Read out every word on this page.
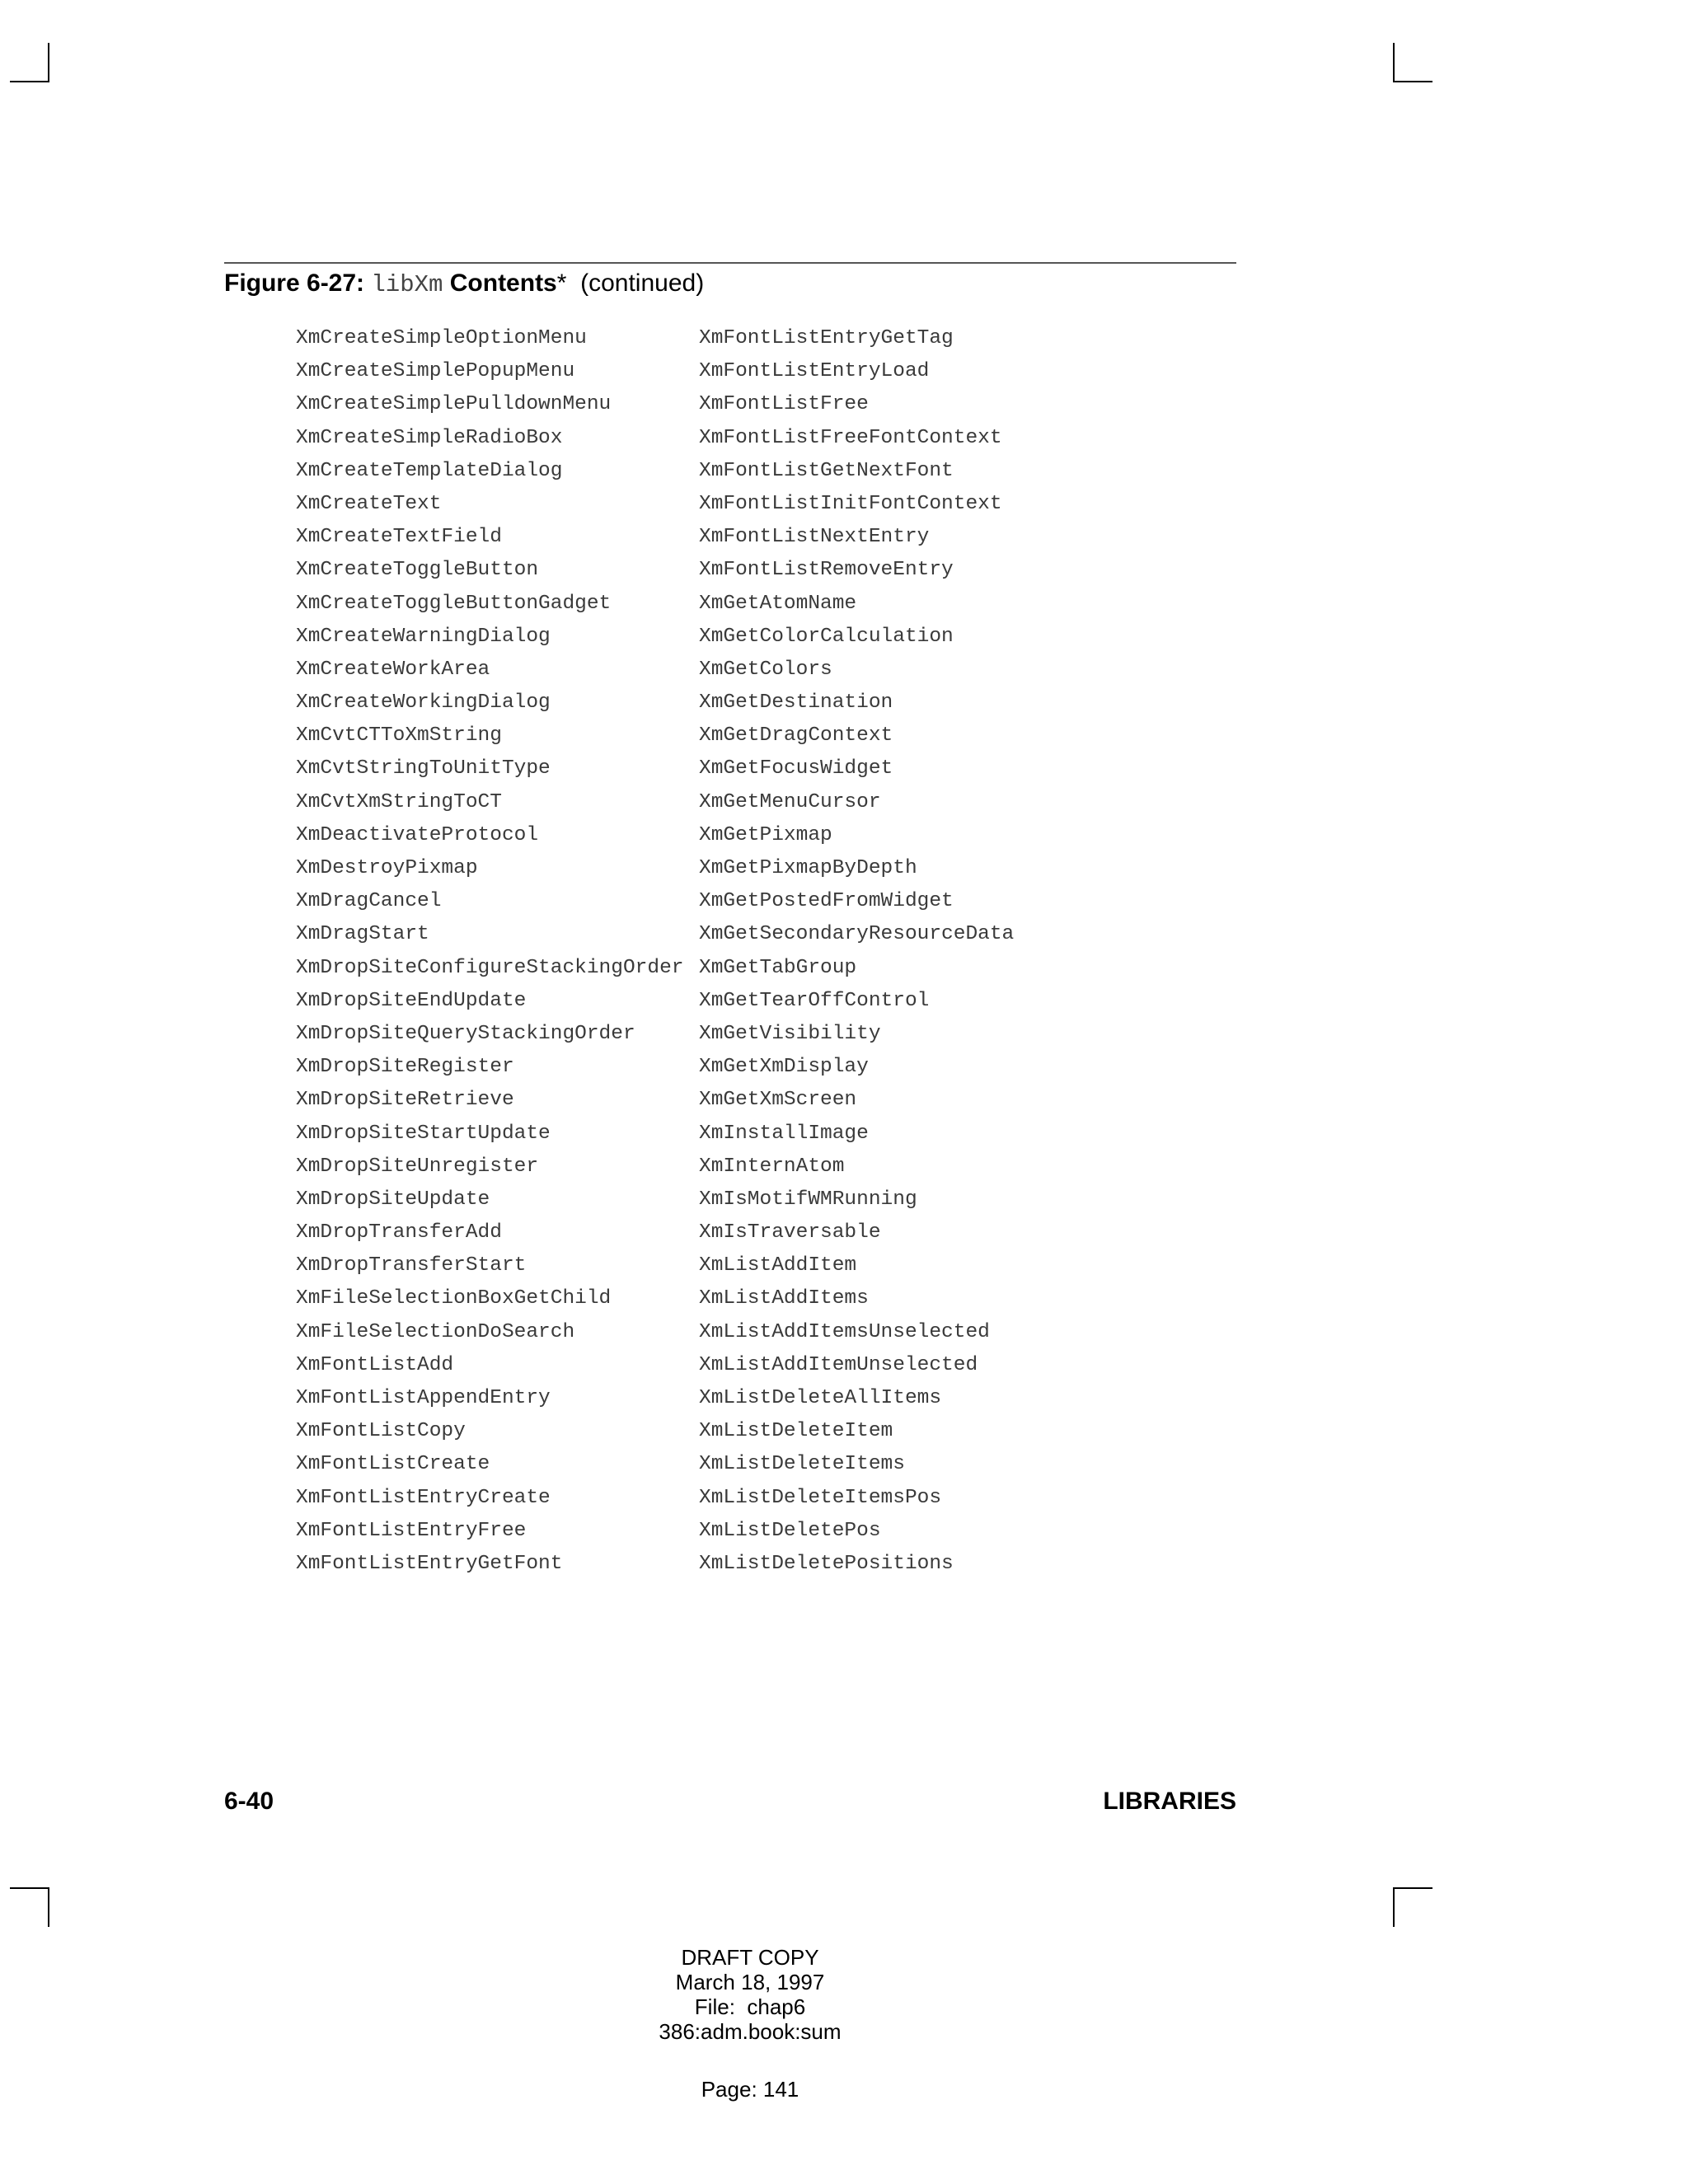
Figure 6-27: libXm Contents* (continued)
XmCreateSimpleOptionMenu
XmCreateSimplePopupMenu
XmCreateSimplePulldownMenu
XmCreateSimpleRadioBox
XmCreateTemplateDialog
XmCreateText
XmCreateTextField
XmCreateToggleButton
XmCreateToggleButtonGadget
XmCreateWarningDialog
XmCreateWorkArea
XmCreateWorkingDialog
XmCvtCTToXmString
XmCvtStringToUnitType
XmCvtXmStringToCT
XmDeactivateProtocol
XmDestroyPixmap
XmDragCancel
XmDragStart
XmDropSiteConfigureStackingOrder
XmDropSiteEndUpdate
XmDropSiteQueryStackingOrder
XmDropSiteRegister
XmDropSiteRetrieve
XmDropSiteStartUpdate
XmDropSiteUnregister
XmDropSiteUpdate
XmDropTransferAdd
XmDropTransferStart
XmFileSelectionBoxGetChild
XmFileSelectionDoSearch
XmFontListAdd
XmFontListAppendEntry
XmFontListCopy
XmFontListCreate
XmFontListEntryCreate
XmFontListEntryFree
XmFontListEntryGetFont
XmFontListEntryGetTag
XmFontListEntryLoad
XmFontListFree
XmFontListFreeFontContext
XmFontListGetNextFont
XmFontListInitFontContext
XmFontListNextEntry
XmFontListRemoveEntry
XmGetAtomName
XmGetColorCalculation
XmGetColors
XmGetDestination
XmGetDragContext
XmGetFocusWidget
XmGetMenuCursor
XmGetPixmap
XmGetPixmapByDepth
XmGetPostedFromWidget
XmGetSecondaryResourceData
XmGetTabGroup
XmGetTearOffControl
XmGetVisibility
XmGetXmDisplay
XmGetXmScreen
XmInstallImage
XmInternAtom
XmIsMotifWMRunning
XmIsTraversable
XmListAddItem
XmListAddItems
XmListAddItemsUnselected
XmListAddItemUnselected
XmListDeleteAllItems
XmListDeleteItem
XmListDeleteItems
XmListDeleteItemsPos
XmListDeletePos
XmListDeletePositions
6-40	LIBRARIES
DRAFT COPY
March 18, 1997
File:  chap6
386:adm.book:sum
Page: 141
